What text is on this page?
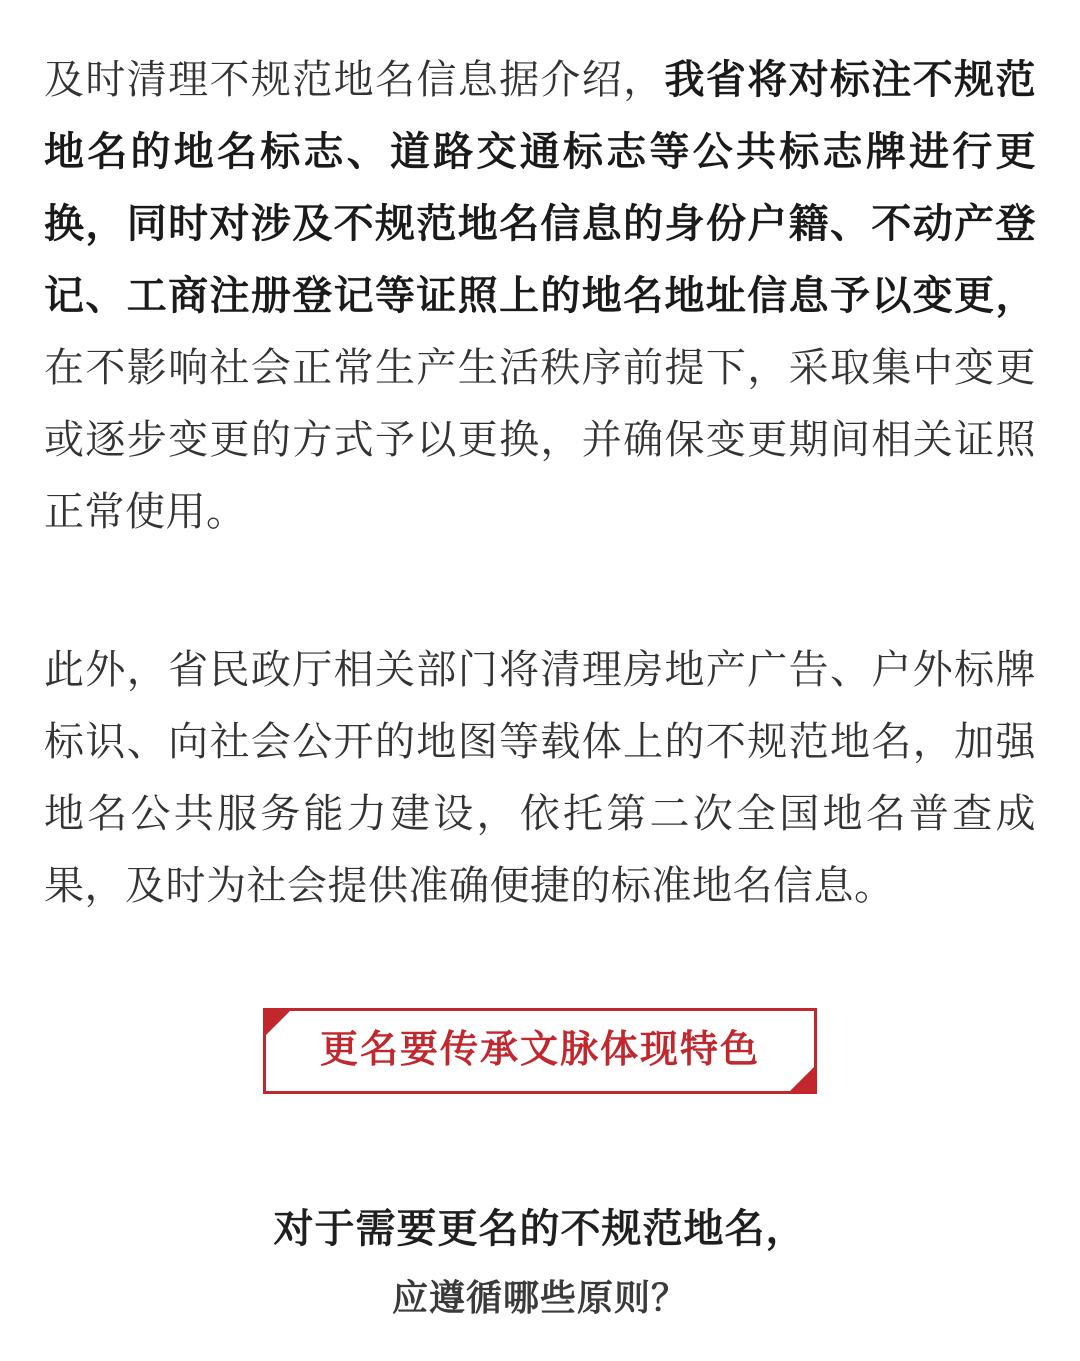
及时清理不规范地名信息据介绍，我省将对标注不规范地名的地名标志、道路交通标志等公共标志牌进行更换，同时对涉及不规范地名信息的身份户籍、不动产登记、工商注册登记等证照上的地名地址信息予以变更，在不影响社会正常生产生活秩序前提下，采取集中变更或逐步变更的方式予以更换，并确保变更期间相关证照正常使用。

此外，省民政厅相关部门将清理房地产广告、户外标牌标识、向社会公开的地图等载体上的不规范地名，加强地名公共服务能力建设，依托第二次全国地名普查成果，及时为社会提供准确便捷的标准地名信息。

更名要传承文脉体现特色
对于需要更名的不规范地名，
应遵循哪些原则？
